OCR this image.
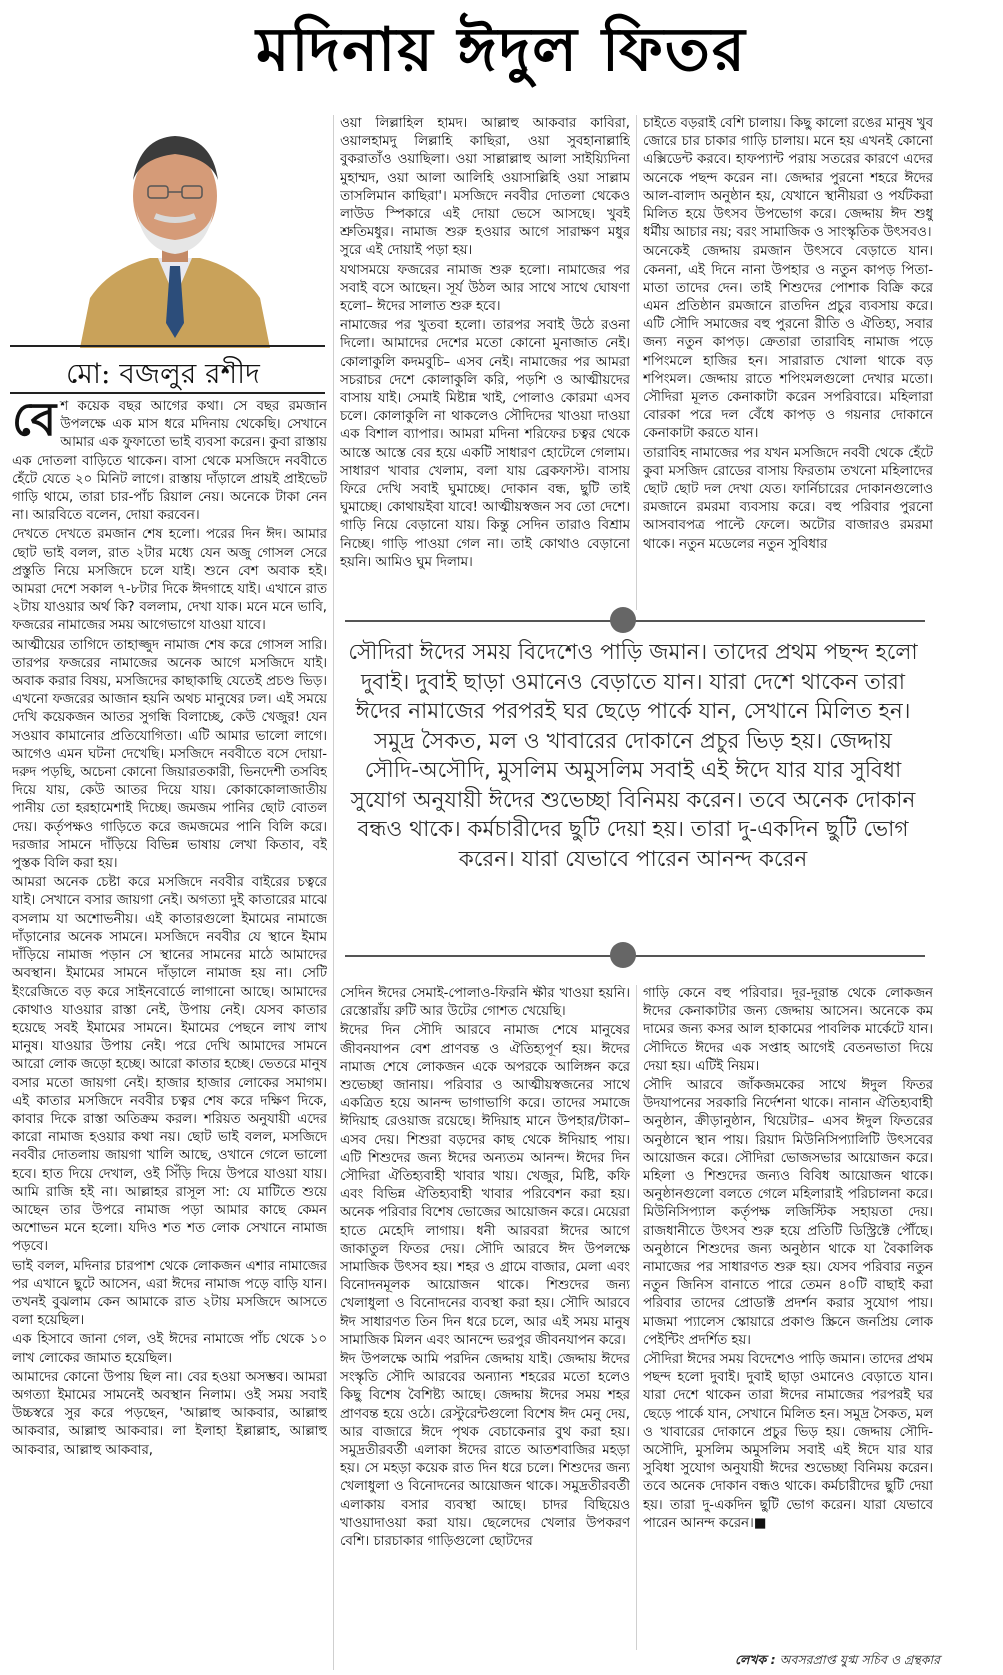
মদিনায় ঈদুল ফিতর
মো: বজলুর রশীদ

বেশ কয়েক বছর আগের কথা। সে বছর রমজান উপলক্ষে এক মাস ধরে মদিনায় থেকেছি। সেখানে আমার এক ফুফাতো ভাই ব্যবসা করেন। কুবা রাস্তায় এক দোতলা বাড়িতে থাকেন। বাসা থেকে মসজিদে নববীতে হেঁটে যেতে ২০ মিনিট লাগে। রাস্তায় দাঁড়ালে প্রায়ই প্রাইভেট গাড়ি থামে, তারা চার-পাঁচ রিয়াল নেয়। অনেকে টাকা নেন না। আরবিতে বলেন, দোয়া করবেন।

দেখতে দেখতে রমজান শেষ হলো। পরের দিন ঈদ। আমার ছোট ভাই বলল, রাত ২টার মধ্যে যেন অজু গোসল সেরে প্রস্তুতি নিয়ে মসজিদে চলে যাই। শুনে বেশ অবাক হই। আমরা দেশে সকাল ৭-৮টার দিকে ঈদগাহে যাই। এখানে রাত ২টায় যাওয়ার অর্থ কি? বললাম, দেখা যাক। মনে মনে ভাবি, ফজরের নামাজের সময় আগেভাগে যাওয়া যাবে।

আত্মীয়ের তাগিদে তাহাজ্জুদ নামাজ শেষ করে গোসল সারি। তারপর ফজরের নামাজের অনেক আগে মসজিদে যাই। অবাক করার বিষয়, মসজিদের কাছাকাছি যেতেই প্রচণ্ড ভিড়। এখনো ফজরের আজান হয়নি অথচ মানুষের ঢল। এই সময়ে দেখি কয়েকজন আতর সুগন্ধি বিলাচ্ছে, কেউ খেজুর! যেন সওয়াব কামানোর প্রতিযোগিতা। এটি আমার ভালো লাগে। আগেও এমন ঘটনা দেখেছি। মসজিদে নববীতে বসে দোয়া-দরুদ পড়ছি, অচেনা কোনো জিয়ারতকারী, ভিনদেশী তসবিহ দিয়ে যায়, কেউ আতর দিয়ে যায়। কোকাকোলাজাতীয় পানীয় তো হরহামেশাই দিচ্ছে। জমজম পানির ছোট বোতল দেয়। কর্তৃপক্ষও গাড়িতে করে জমজমের পানি বিলি করে। দরজার সামনে দাঁড়িয়ে বিভিন্ন ভাষায় লেখা কিতাব, বই পুস্তক বিলি করা হয়।

আমরা অনেক চেষ্টা করে মসজিদে নববীর বাইরের চত্বরে যাই। সেখানে বসার জায়গা নেই। অগত্যা দুই কাতারের মাঝে বসলাম যা অশোভনীয়। এই কাতারগুলো ইমামের নামাজে দাঁড়ানোর অনেক সামনে। মসজিদে নববীর যে স্থানে ইমাম দাঁড়িয়ে নামাজ পড়ান সে স্থানের সামনের মাঠে আমাদের অবস্থান। ইমামের সামনে দাঁড়ালে নামাজ হয় না। সেটি ইংরেজিতে বড় করে সাইনবোর্ডে লাগানো আছে। আমাদের কোথাও যাওয়ার রাস্তা নেই, উপায় নেই। যেসব কাতার হয়েছে সবই ইমামের সামনে। ইমামের পেছনে লাখ লাখ মানুষ। যাওয়ার উপায় নেই। পরে দেখি আমাদের সামনে আরো লোক জড়ো হচ্ছে। আরো কাতার হচ্ছে। ভেতরে মানুষ বসার মতো জায়গা নেই। হাজার হাজার লোকের সমাগম। এই কাতার মসজিদে নববীর চত্বর শেষ করে দক্ষিণ দিকে, কাবার দিকে রাস্তা অতিক্রম করল। শরিয়ত অনুযায়ী এদের কারো নামাজ হওয়ার কথা নয়। ছোট ভাই বলল, মসজিদে নববীর দোতলায় জায়গা খালি আছে, ওখানে গেলে ভালো হবে। হাত দিয়ে দেখাল, ওই সিঁড়ি দিয়ে উপরে যাওয়া যায়। আমি রাজি হই না। আল্লাহর রাসূল সা: যে মাটিতে শুয়ে আছেন তার উপরে নামাজ পড়া আমার কাছে কেমন অশোভন মনে হলো। যদিও শত শত লোক সেখানে নামাজ পড়বে।

ভাই বলল, মদিনার চারপাশ থেকে লোকজন এশার নামাজের পর এখানে ছুটে আসেন, এরা ঈদের নামাজ পড়ে বাড়ি যান। তখনই বুঝলাম কেন আমাকে রাত ২টায় মসজিদে আসতে বলা হয়েছিল।

এক হিসাবে জানা গেল, ওই ঈদের নামাজে পাঁচ থেকে ১০ লাখ লোকের জামাত হয়েছিল।

আমাদের কোনো উপায় ছিল না। বের হওয়া অসম্ভব। আমরা অগত্যা ইমামের সামনেই অবস্থান নিলাম। ওই সময় সবাই উচ্চস্বরে সুর করে পড়ছেন, 'আল্লাহু আকবার, আল্লাহু আকবার, আল্লাহু আকবার। লা ইলাহা ইল্লাল্লাহ, আল্লাহু আকবার, আল্লাহু আকবার,

ওয়া লিল্লাহিল হামদ। আল্লাহু আকবার কাবিরা, ওয়ালহামদু লিল্লাহি কাছিরা, ওয়া সুবহানাল্লাহি বুকরাতাঁও ওয়াছিলা। ওয়া সাল্লাল্লাহু আলা সাইয়্যিদিনা মুহাম্মদ, ওয়া আলা আলিহি ওয়াসাল্লিহি ওয়া সাল্লাম তাসলিমান কাছিরা'। মসজিদে নববীর দোতলা থেকেও লাউড স্পিকারে এই দোয়া ভেসে আসছে। খুবই শ্রুতিমধুর। নামাজ শুরু হওয়ার আগে সারাক্ষণ মধুর সুরে এই দোয়াই পড়া হয়।

যথাসময়ে ফজরের নামাজ শুরু হলো। নামাজের পর সবাই বসে আছেন। সূর্য উঠল আর সাথে সাথে ঘোষণা হলো– ঈদের সালাত শুরু হবে।

নামাজের পর খুতবা হলো। তারপর সবাই উঠে রওনা দিলো। আমাদের দেশের মতো কোনো মুনাজাত নেই। কোলাকুলি কদমবুচি– এসব নেই। নামাজের পর আমরা সচরাচর দেশে কোলাকুলি করি, পড়শি ও আত্মীয়দের বাসায় যাই। সেমাই মিষ্টান্ন খাই, পোলাও কোরমা এসব চলে। কোলাকুলি না থাকলেও সৌদিদের খাওয়া দাওয়া এক বিশাল ব্যাপার। আমরা মদিনা শরিফের চত্বর থেকে আস্তে আস্তে বের হয়ে একটি সাধারণ হোটেলে গেলাম। সাধারণ খাবার খেলাম, বলা যায় ব্রেকফাস্ট। বাসায় ফিরে দেখি সবাই ঘুমাচ্ছে। দোকান বন্ধ, ছুটি তাই ঘুমাচ্ছে। কোথায়ইবা যাবে! আত্মীয়স্বজন সব তো দেশে। গাড়ি নিয়ে বেড়ানো যায়। কিন্তু সেদিন তারাও বিশ্রাম নিচ্ছে। গাড়ি পাওয়া গেল না। তাই কোথাও বেড়ানো হয়নি। আমিও ঘুম দিলাম।

চাইতে বড়রাই বেশি চালায়। কিছু কালো রঙের মানুষ খুব জোরে চার চাকার গাড়ি চালায়। মনে হয় এখনই কোনো এক্সিডেন্ট করবে। হাফপ্যান্ট পরায় সতরের কারণে এদের অনেকে পছন্দ করেন না। জেদ্দার পুরনো শহরে ঈদের আল-বালাদ অনুষ্ঠান হয়, যেখানে স্থানীয়রা ও পর্যটকরা মিলিত হয়ে উৎসব উপভোগ করে। জেদ্দায় ঈদ শুধু ধর্মীয় আচার নয়; বরং সামাজিক ও সাংস্কৃতিক উৎসবও।

অনেকেই জেদ্দায় রমজান উৎসবে বেড়াতে যান। কেননা, এই দিনে নানা উপহার ও নতুন কাপড় পিতা-মাতা তাদের দেন। তাই শিশুদের পোশাক বিক্রি করে এমন প্রতিষ্ঠান রমজানে রাতদিন প্রচুর ব্যবসায় করে। এটি সৌদি সমাজের বহু পুরনো রীতি ও ঐতিহ্য, সবার জন্য নতুন কাপড়। ক্রেতারা তারাবিহ নামাজ পড়ে শপিংমলে হাজির হন। সারারাত খোলা থাকে বড় শপিংমল। জেদ্দায় রাতে শপিংমলগুলো দেখার মতো। সৌদিরা মূলত কেনাকাটা করেন সপরিবারে। মহিলারা বোরকা পরে দল বেঁধে কাপড় ও গয়নার দোকানে কেনাকাটা করতে যান।

তারাবিহ নামাজের পর যখন মসজিদে নববী থেকে হেঁটে কুবা মসজিদ রোডের বাসায় ফিরতাম তখনো মহিলাদের ছোট ছোট দল দেখা যেত। ফার্নিচারের দোকানগুলোও রমজানে রমরমা ব্যবসায় করে। বহু পরিবার পুরনো আসবাবপত্র পাল্টে ফেলে। অটোর বাজারও রমরমা থাকে। নতুন মডেলের নতুন সুবিধার

সৌদিরা ঈদের সময় বিদেশেও পাড়ি জমান। তাদের প্রথম পছন্দ হলো দুবাই। দুবাই ছাড়া ওমানেও বেড়াতে যান। যারা দেশে থাকেন তারা ঈদের নামাজের পরপরই ঘর ছেড়ে পার্কে যান, সেখানে মিলিত হন। সমুদ্র সৈকত, মল ও খাবারের দোকানে প্রচুর ভিড় হয়। জেদ্দায় সৌদি-অসৌদি, মুসলিম অমুসলিম সবাই এই ঈদে যার যার সুবিধা সুযোগ অনুযায়ী ঈদের শুভেচ্ছা বিনিময় করেন। তবে অনেক দোকান বন্ধও থাকে। কর্মচারীদের ছুটি দেয়া হয়। তারা দু-একদিন ছুটি ভোগ করেন। যারা যেভাবে পারেন আনন্দ করেন

সেদিন ঈদের সেমাই-পোলাও-ফিরনি ক্ষীর খাওয়া হয়নি। রেস্তোরাঁয় রুটি আর উটের গোশত খেয়েছি।

ঈদের দিন সৌদি আরবে নামাজ শেষে মানুষের জীবনযাপন বেশ প্রাণবন্ত ও ঐতিহ্যপূর্ণ হয়। ঈদের নামাজ শেষে লোকজন একে অপরকে আলিঙ্গন করে শুভেচ্ছা জানায়। পরিবার ও আত্মীয়স্বজনের সাথে একত্রিত হয়ে আনন্দ ভাগাভাগি করে। তাদের সমাজে ঈদিয়াহ রেওয়াজ রয়েছে। ঈদিয়াহ মানে উপহার/টাকা– এসব দেয়। শিশুরা বড়দের কাছ থেকে ঈদিয়াহ পায়। এটি শিশুদের জন্য ঈদের অন্যতম আনন্দ। ঈদের দিন সৌদিরা ঐতিহ্যবাহী খাবার খায়। খেজুর, মিষ্টি, কফি এবং বিভিন্ন ঐতিহ্যবাহী খাবার পরিবেশন করা হয়। অনেক পরিবার বিশেষ ভোজের আয়োজন করে। মেয়েরা হাতে মেহেদি লাগায়। ধনী আরবরা ঈদের আগে জাকাতুল ফিতর দেয়। সৌদি আরবে ঈদ উপলক্ষে সামাজিক উৎসব হয়। শহর ও গ্রামে বাজার, মেলা এবং বিনোদনমূলক আয়োজন থাকে। শিশুদের জন্য খেলাধুলা ও বিনোদনের ব্যবস্থা করা হয়। সৌদি আরবে ঈদ সাধারণত তিন দিন ধরে চলে, আর এই সময় মানুষ সামাজিক মিলন এবং আনন্দে ভরপুর জীবনযাপন করে।

ঈদ উপলক্ষে আমি পরদিন জেদ্দায় যাই। জেদ্দায় ঈদের সংস্কৃতি সৌদি আরবের অন্যান্য শহরের মতো হলেও কিছু বিশেষ বৈশিষ্ট্য আছে। জেদ্দায় ঈদের সময় শহর প্রাণবন্ত হয়ে ওঠে। রেস্টুরেন্টগুলো বিশেষ ঈদ মেনু দেয়, আর বাজারে ঈদে পৃথক বেচাকেনার বুথ করা হয়। সমুদ্রতীরবর্তী এলাকা ঈদের রাতে আতশবাজির মহড়া হয়। সে মহড়া কয়েক রাত দিন ধরে চলে। শিশুদের জন্য খেলাধুলা ও বিনোদনের আয়োজন থাকে। সমুদ্রতীরবর্তী এলাকায় বসার ব্যবস্থা আছে। চাদর বিছিয়েও খাওয়াদাওয়া করা যায়। ছেলেদের খেলার উপকরণ বেশি। চারচাকার গাড়িগুলো ছোটদের

গাড়ি কেনে বহু পরিবার। দূর-দূরান্ত থেকে লোকজন ঈদের কেনাকাটার জন্য জেদ্দায় আসেন। অনেকে কম দামের জন্য কসর আল হাকামের পাবলিক মার্কেটে যান। সৌদিতে ঈদের এক সপ্তাহ আগেই বেতনভাতা দিয়ে দেয়া হয়। এটিই নিয়ম।

সৌদি আরবে জাঁকজমকের সাথে ঈদুল ফিতর উদযাপনের সরকারি নির্দেশনা থাকে। নানান ঐতিহ্যবাহী অনুষ্ঠান, ক্রীড়ানুষ্ঠান, থিয়েটার– এসব ঈদুল ফিতরের অনুষ্ঠানে স্থান পায়। রিয়াদ মিউনিসিপ্যালিটি উৎসবের আয়োজন করে। সৌদিরা ভোজসভার আয়োজন করে। মহিলা ও শিশুদের জন্যও বিবিধ আয়োজন থাকে। অনুষ্ঠানগুলো বলতে গেলে মহিলারাই পরিচালনা করে। মিউনিসিপ্যাল কর্তৃপক্ষ লজিস্টিক সহায়তা দেয়। রাজধানীতে উৎসব শুরু হয়ে প্রতিটি ডিস্ট্রিক্টে পৌঁছে। অনুষ্ঠানে শিশুদের জন্য অনুষ্ঠান থাকে যা বৈকালিক নামাজের পর সাধারণত শুরু হয়। যেসব পরিবার নতুন নতুন জিনিস বানাতে পারে তেমন ৪০টি বাছাই করা পরিবার তাদের প্রোডাক্ট প্রদর্শন করার সুযোগ পায়। মাজমা প্যালেস স্কোয়ারে প্রকাণ্ড স্ক্রিনে জনপ্রিয় লোক পেইন্টিং প্রদর্শিত হয়।

সৌদিরা ঈদের সময় বিদেশেও পাড়ি জমান। তাদের প্রথম পছন্দ হলো দুবাই। দুবাই ছাড়া ওমানেও বেড়াতে যান। যারা দেশে থাকেন তারা ঈদের নামাজের পরপরই ঘর ছেড়ে পার্কে যান, সেখানে মিলিত হন। সমুদ্র সৈকত, মল ও খাবারের দোকানে প্রচুর ভিড় হয়। জেদ্দায় সৌদি-অসৌদি, মুসলিম অমুসলিম সবাই এই ঈদে যার যার সুবিধা সুযোগ অনুযায়ী ঈদের শুভেচ্ছা বিনিময় করেন। তবে অনেক দোকান বন্ধও থাকে। কর্মচারীদের ছুটি দেয়া হয়। তারা দু-একদিন ছুটি ভোগ করেন। যারা যেভাবে পারেন আনন্দ করেন।■

লেখক : অবসরপ্রাপ্ত যুগ্ম সচিব ও গ্রন্থকার
